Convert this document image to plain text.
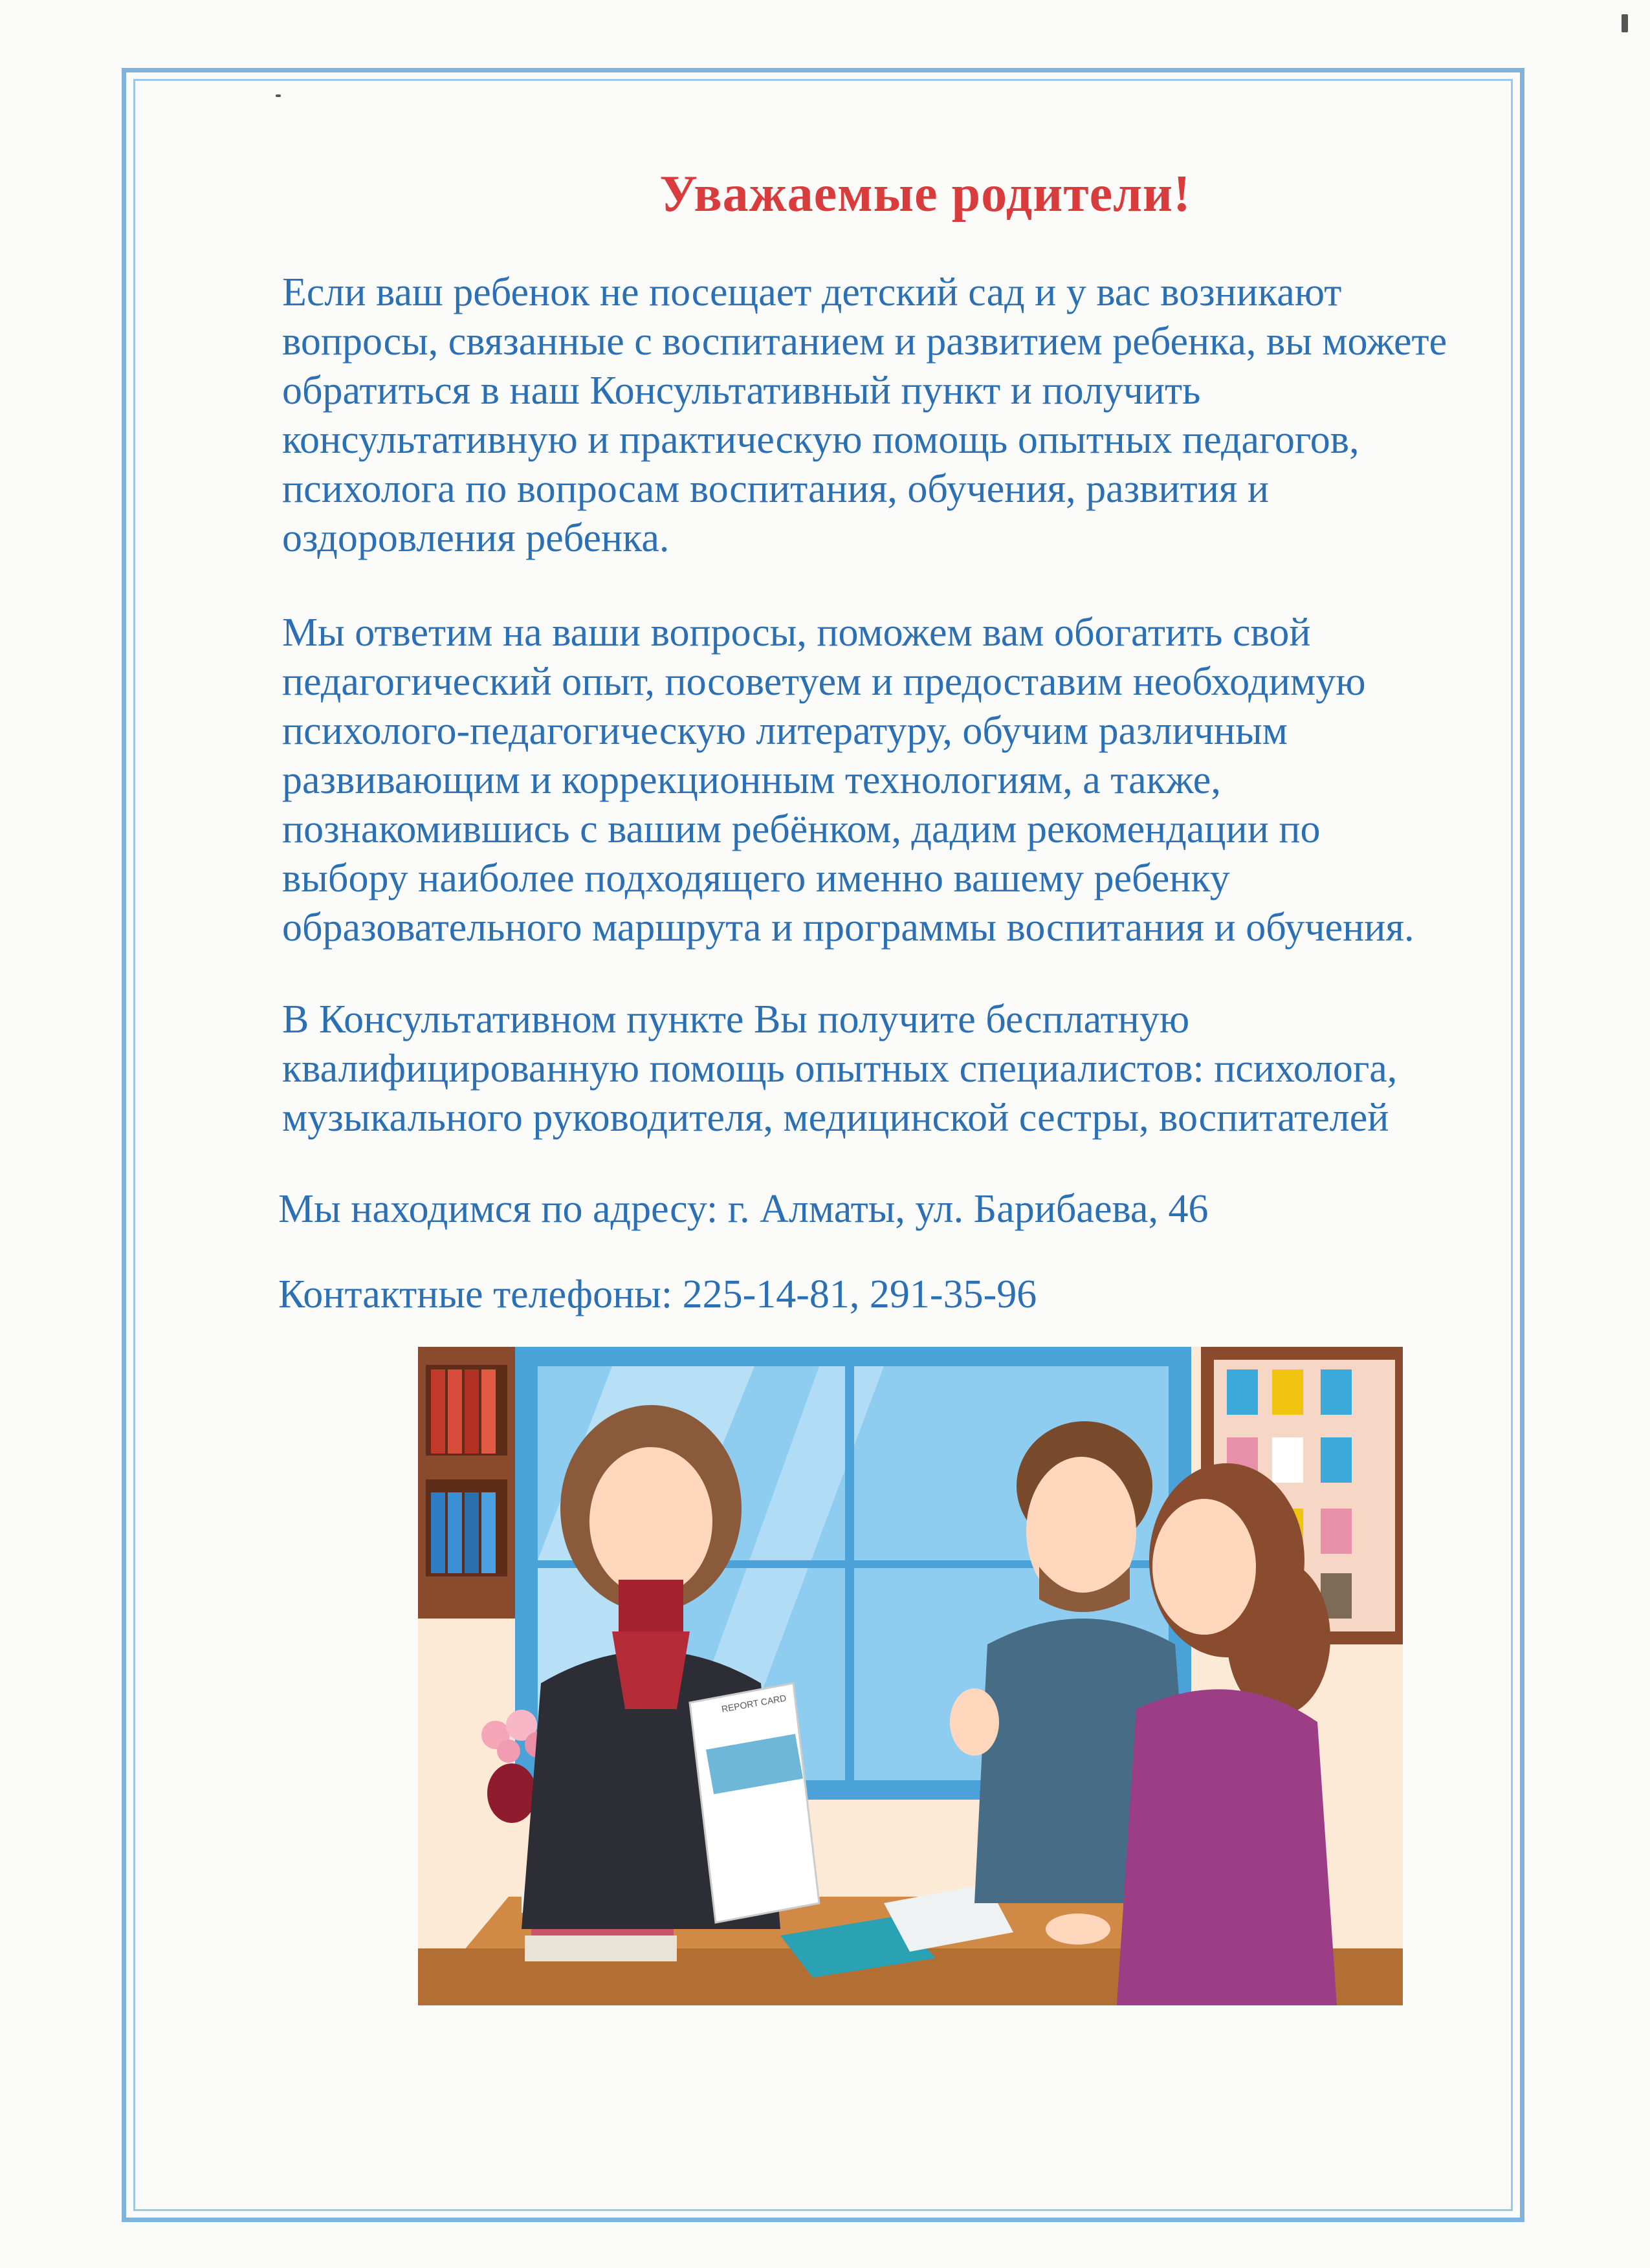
Уважаемые родители!
Если ваш ребенок не посещает детский сад и у вас возникают
вопросы, связанные с воспитанием и развитием ребенка, вы можете
обратиться в наш Консультативный пункт и получить
консультативную и практическую помощь опытных педагогов,
психолога по вопросам воспитания, обучения, развития и
оздоровления ребенка.
Мы ответим на ваши вопросы, поможем вам обогатить свой
педагогический опыт, посоветуем и предоставим необходимую
психолого-педагогическую литературу, обучим различным
развивающим и коррекционным технологиям, а также,
познакомившись с вашим ребёнком, дадим рекомендации по
выбору наиболее подходящего именно вашему ребенку
образовательного маршрута и программы воспитания и обучения.
В Консультативном пункте Вы получите бесплатную
квалифицированную помощь опытных специалистов: психолога,
музыкального руководителя, медицинской сестры, воспитателей

Мы находимся по адресу: г. Алматы, ул. Барибаева, 46

Контактные телефоны: 225-14-81, 291-35-96

REPORT CARD
